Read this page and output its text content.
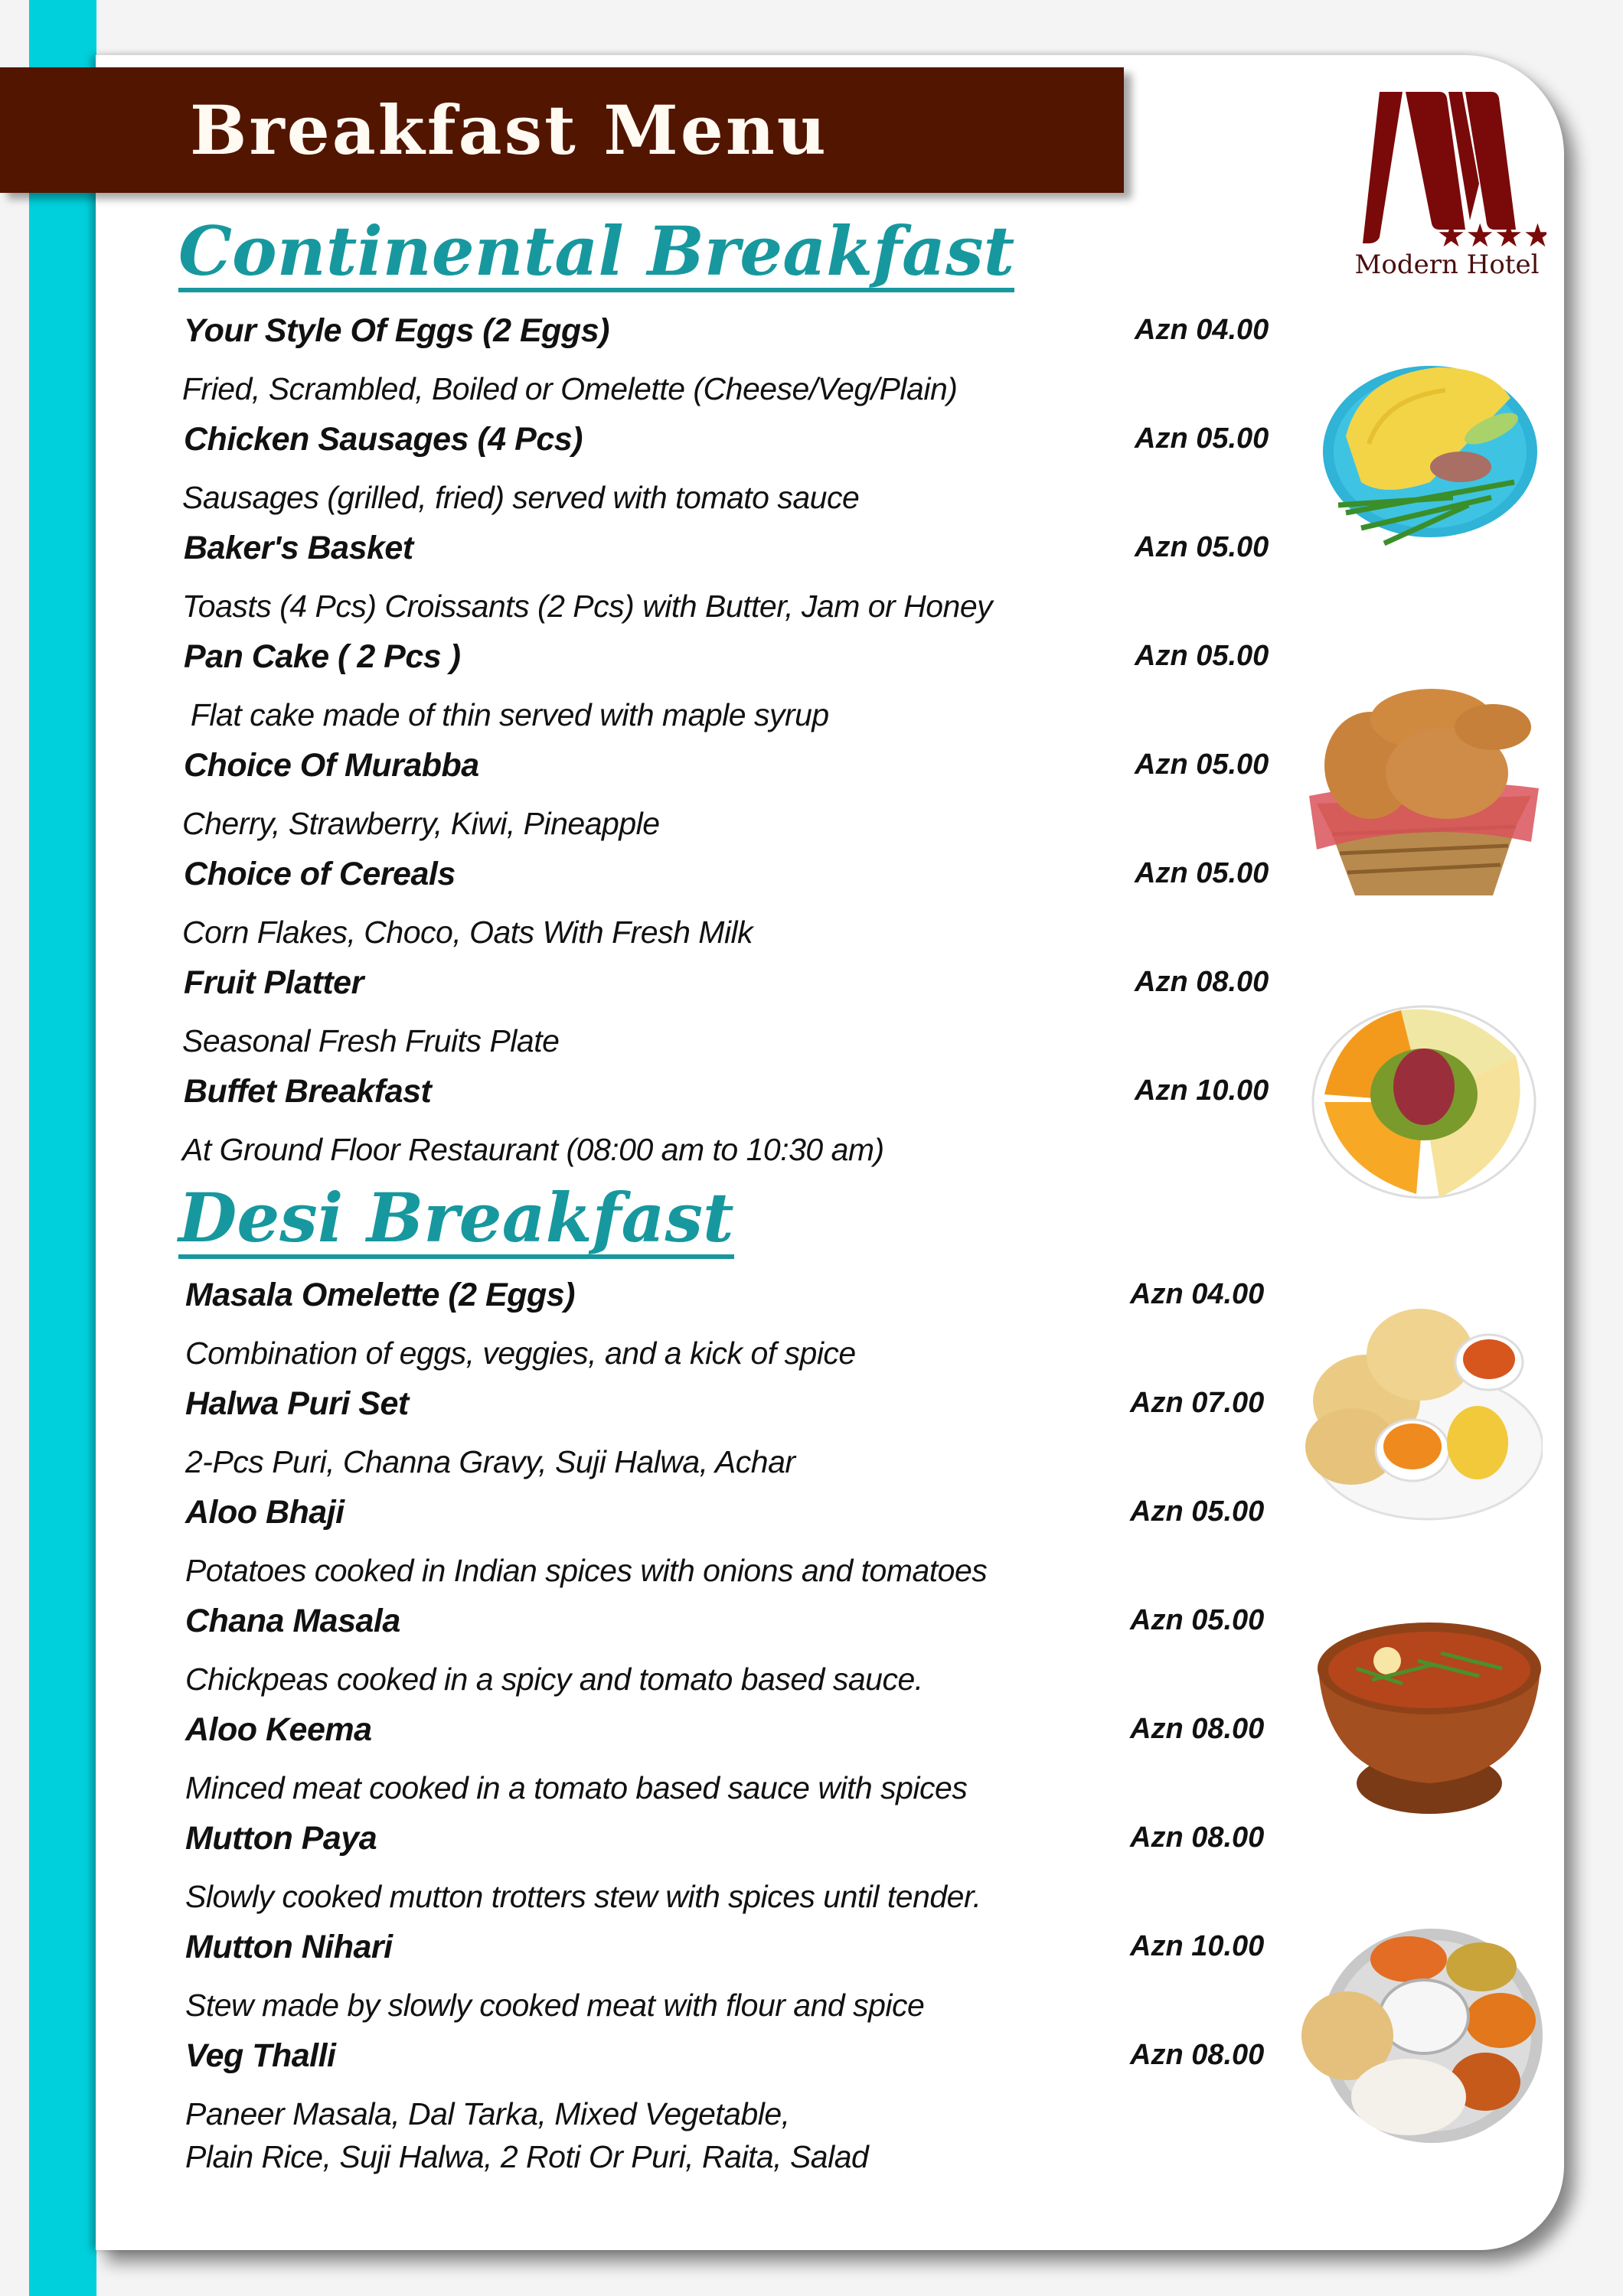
Breakfast Menu
★★★★
Modern Hotel
Continental Breakfast
Your Style Of Eggs (2 Eggs)	Azn 04.00
Fried, Scrambled, Boiled or Omelette (Cheese/Veg/Plain)
Chicken Sausages (4 Pcs)	Azn 05.00
Sausages (grilled, fried) served with tomato sauce
Baker's Basket	Azn 05.00
Toasts (4 Pcs) Croissants (2 Pcs) with Butter, Jam or Honey
Pan Cake ( 2 Pcs )	Azn 05.00
Flat cake made of thin served with maple syrup
Choice Of Murabba	Azn 05.00
Cherry, Strawberry, Kiwi, Pineapple
Choice of Cereals	Azn 05.00
Corn Flakes, Choco, Oats With Fresh Milk
Fruit Platter	Azn 08.00
Seasonal Fresh Fruits Plate
Buffet Breakfast	Azn 10.00
At Ground Floor Restaurant (08:00 am to 10:30 am)
Desi Breakfast
Masala Omelette (2 Eggs)	Azn 04.00
Combination of eggs, veggies, and a kick of spice
Halwa Puri Set	Azn 07.00
2-Pcs Puri, Channa Gravy, Suji Halwa, Achar
Aloo Bhaji	Azn 05.00
Potatoes cooked in Indian spices with onions and tomatoes
Chana Masala	Azn 05.00
Chickpeas cooked in a spicy and tomato based sauce.
Aloo Keema	Azn 08.00
Minced meat cooked in a tomato based sauce with spices
Mutton Paya	Azn 08.00
Slowly cooked mutton trotters stew with spices until tender.
Mutton Nihari	Azn 10.00
Stew made by slowly cooked meat with flour and spice
Veg Thalli	Azn 08.00
Paneer Masala, Dal Tarka, Mixed Vegetable,
Plain Rice, Suji Halwa, 2 Roti Or Puri, Raita, Salad
